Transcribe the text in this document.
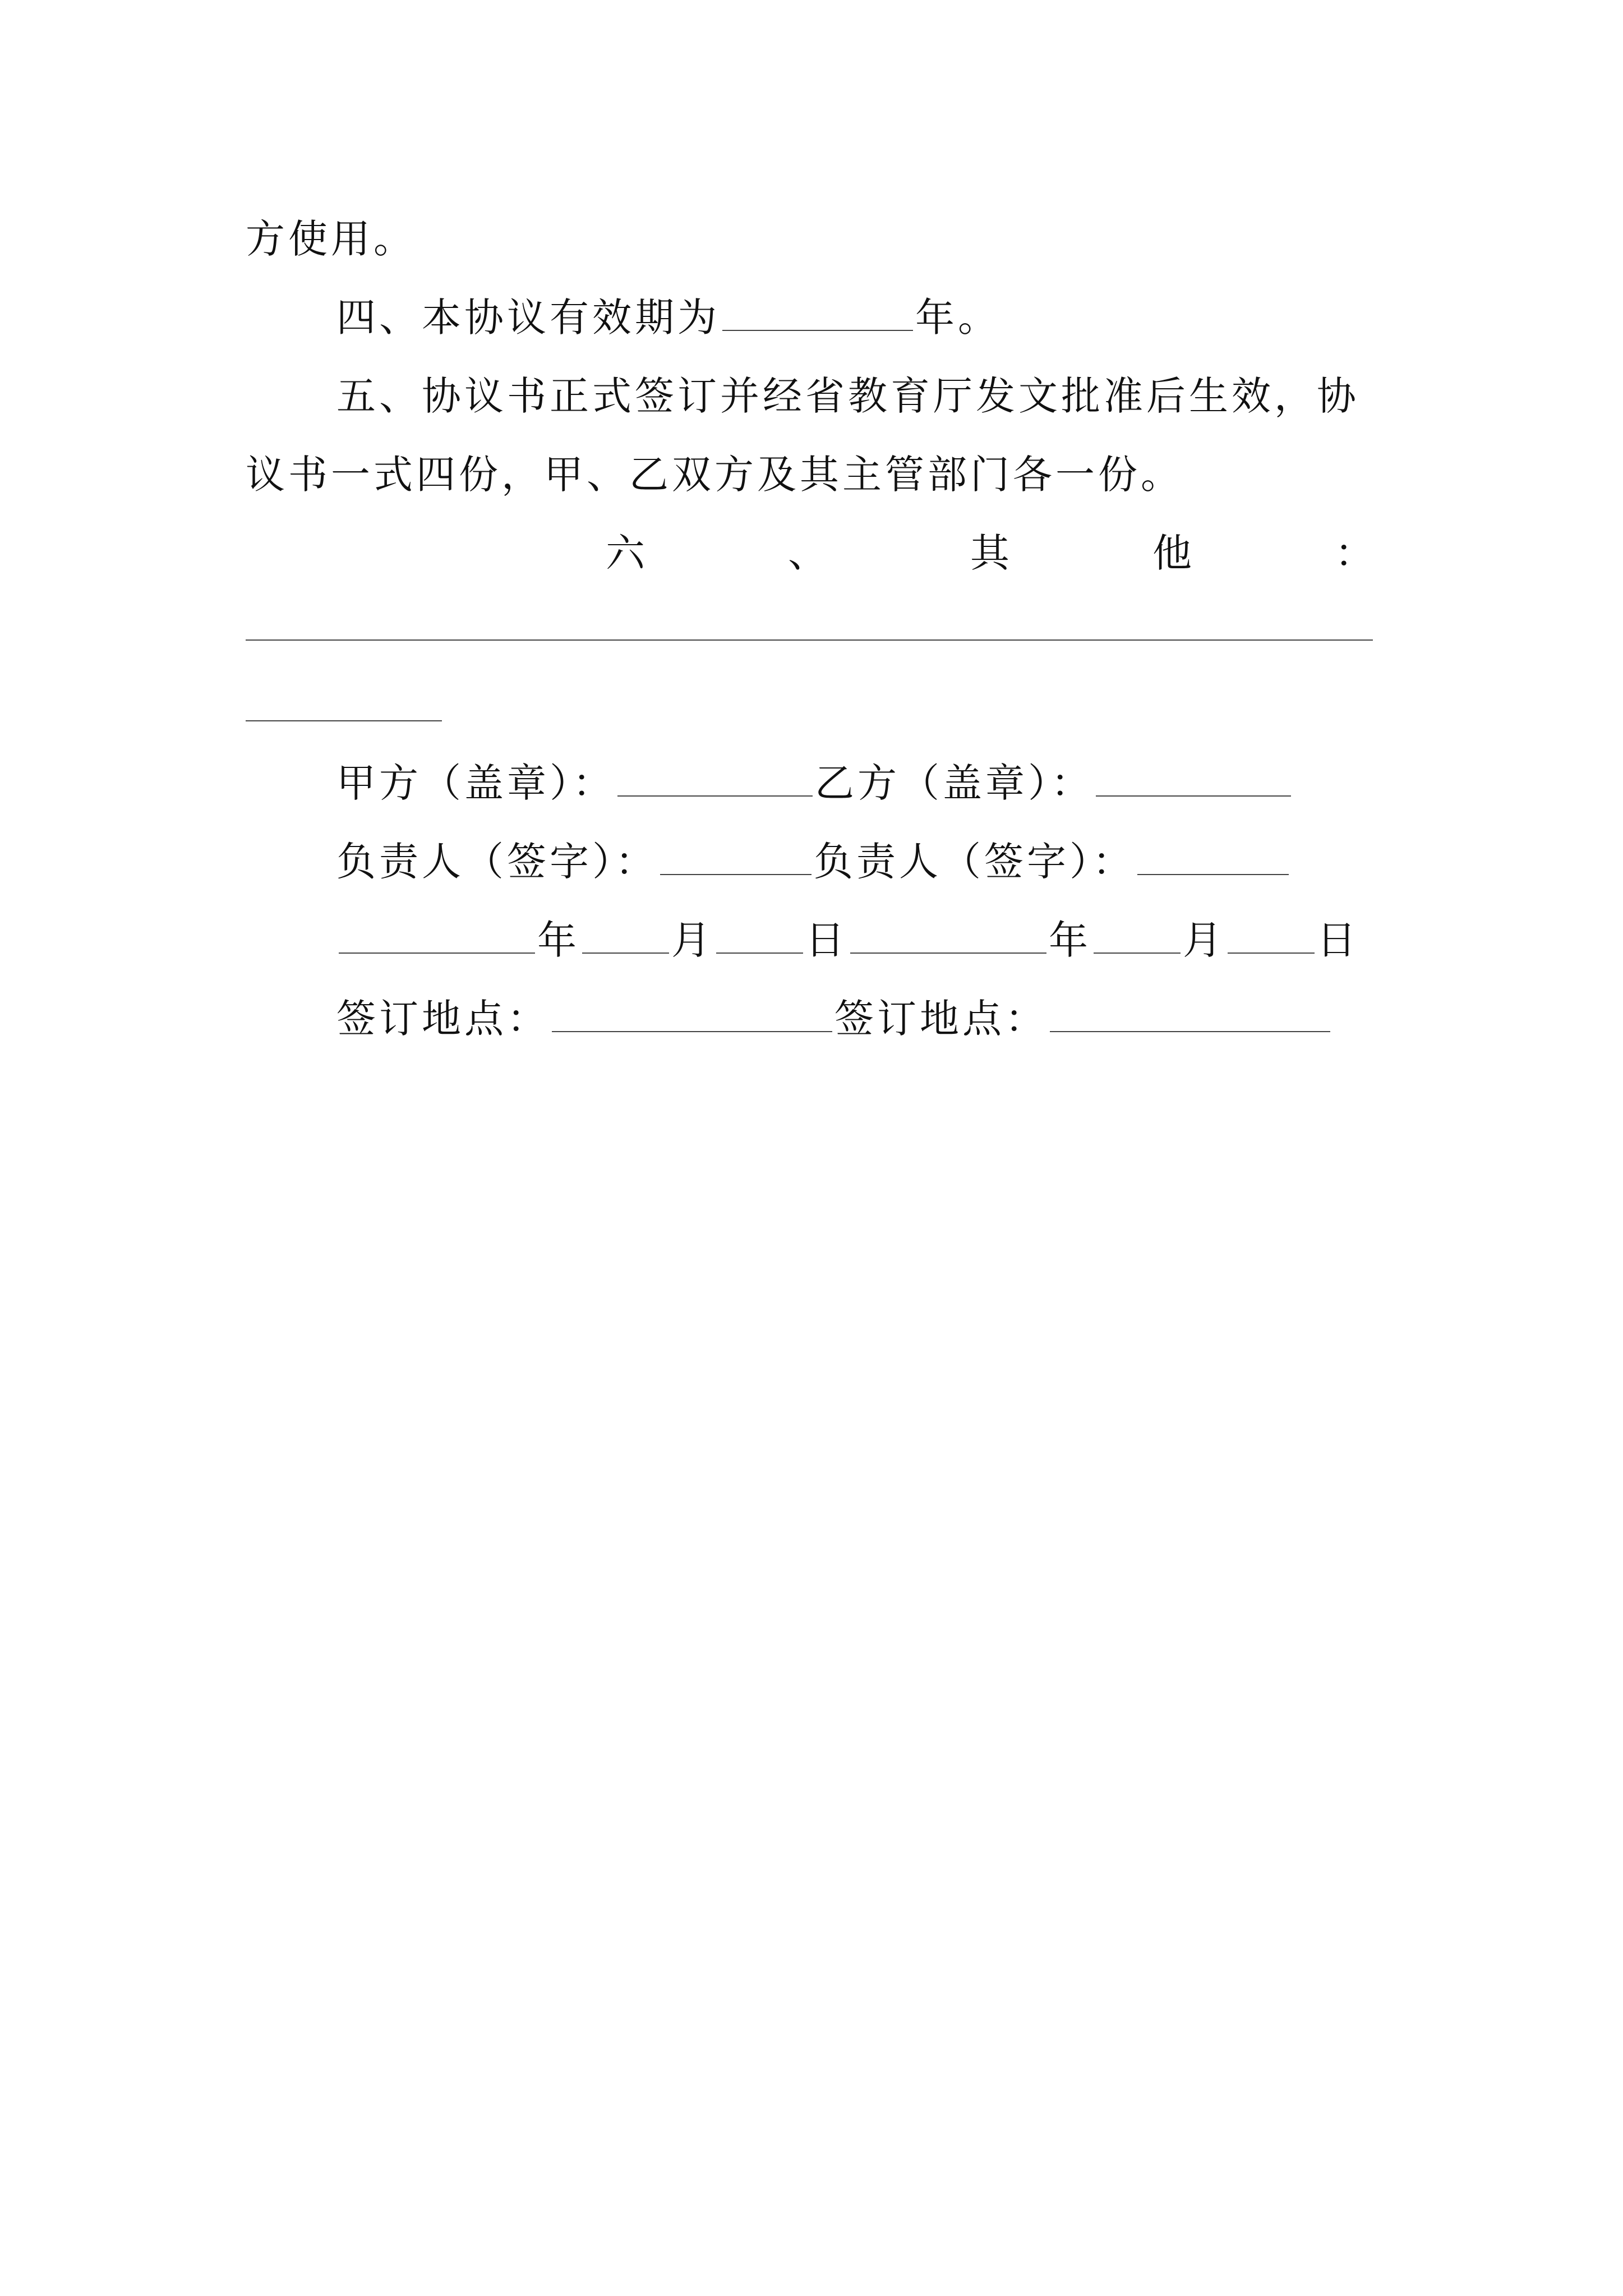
方使用。
四、本协议有效期为	年。
五、协议书正式签订并经省教育厅发文批准后生效，协
议书一式四份，甲、乙双方及其主管部门各一份。
六	、	其	他	：
甲方（盖章）：	乙方（盖章）：
负责人（签字）：	负责人（签字）：
年 月 日	年 月 日
签订地点：	签订地点：
